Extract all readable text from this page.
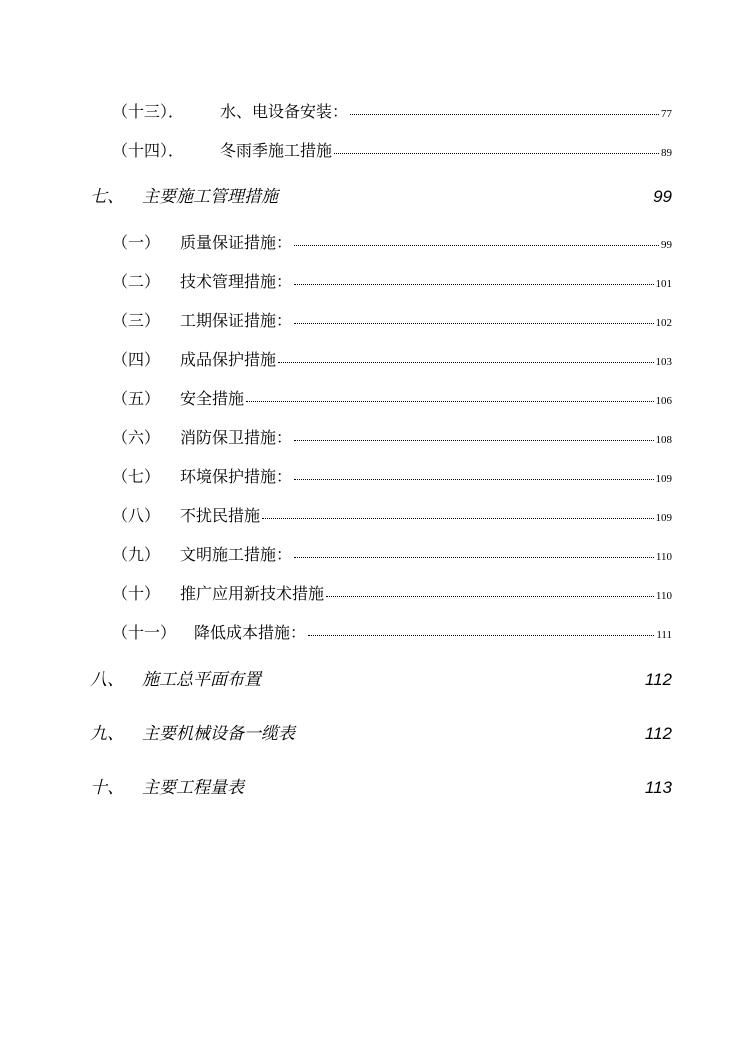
（十三）．	水、电设备安装：	77
（十四）．	冬雨季施工措施	89
七、	主要施工管理措施	99
（一）	质量保证措施：	99
（二）	技术管理措施：	101
（三）	工期保证措施：	102
（四）	成品保护措施	103
（五）	安全措施	106
（六）	消防保卫措施：	108
（七）	环境保护措施：	109
（八）	不扰民措施	109
（九）	文明施工措施：	110
（十）	推广应用新技术措施	110
（十一）	降低成本措施：	111
八、	施工总平面布置	112
九、	主要机械设备一缆表	112
十、	主要工程量表	113
